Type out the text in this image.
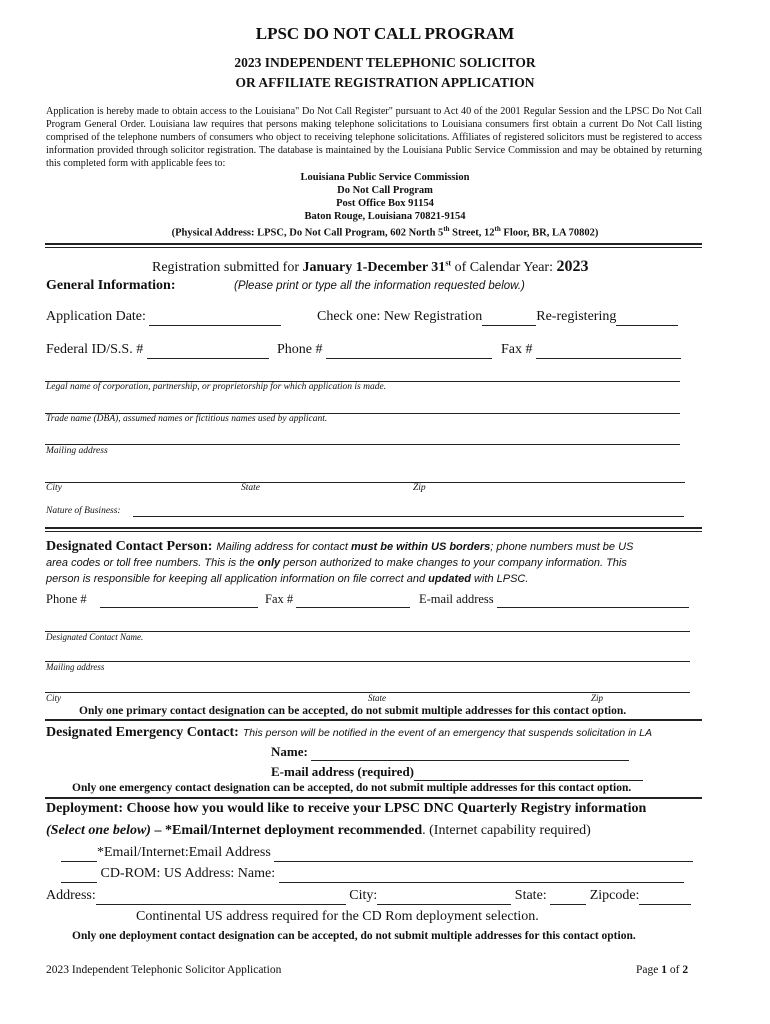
LPSC DO NOT CALL PROGRAM
2023 INDEPENDENT TELEPHONIC SOLICITOR
OR AFFILIATE REGISTRATION APPLICATION
Application is hereby made to obtain access to the Louisiana" Do Not Call Register" pursuant to Act 40 of the 2001 Regular Session and the LPSC Do Not Call Program General Order. Louisiana law requires that persons making telephone solicitations to Louisiana consumers first obtain a current Do Not Call listing comprised of the telephone numbers of consumers who object to receiving telephone solicitations. Affiliates of registered solicitors must be registered to access information provided through solicitor registration. The database is maintained by the Louisiana Public Service Commission and may be obtained by returning this completed form with applicable fees to:
Louisiana Public Service Commission
Do Not Call Program
Post Office Box 91154
Baton Rouge, Louisiana 70821-9154
(Physical Address: LPSC, Do Not Call Program, 602 North 5th Street, 12th Floor, BR, LA 70802)
Registration submitted for January 1-December 31st of Calendar Year: 2023
General Information:	(Please print or type all the information requested below.)
Application Date:	Check one: New Registration	Re-registering
Federal ID/S.S. #	Phone #	Fax #
Legal name of corporation, partnership, or proprietorship for which application is made.
Trade name (DBA), assumed names or fictitious names used by applicant.
Mailing address
City	State	Zip
Nature of Business:
Designated Contact Person: Mailing address for contact must be within US borders; phone numbers must be US
area codes or toll free numbers. This is the only person authorized to make changes to your company information. This
person is responsible for keeping all application information on file correct and updated with LPSC.
Phone #	Fax #	E-mail address
Designated Contact Name.
Mailing address
City	State	Zip
Only one primary contact designation can be accepted, do not submit multiple addresses for this contact option.
Designated Emergency Contact: This person will be notified in the event of an emergency that suspends solicitation in LA
Name:
E-mail address (required)
Only one emergency contact designation can be accepted, do not submit multiple addresses for this contact option.
Deployment: Choose how you would like to receive your LPSC DNC Quarterly Registry information
(Select one below) – *Email/Internet deployment recommended. (Internet capability required)
*Email/Internet:Email Address
CD-ROM: US Address: Name:
Address:	City:	State:	Zipcode:
Continental US address required for the CD Rom deployment selection.
Only one deployment contact designation can be accepted, do not submit multiple addresses for this contact option.
2023 Independent Telephonic Solicitor Application	Page 1 of 2
